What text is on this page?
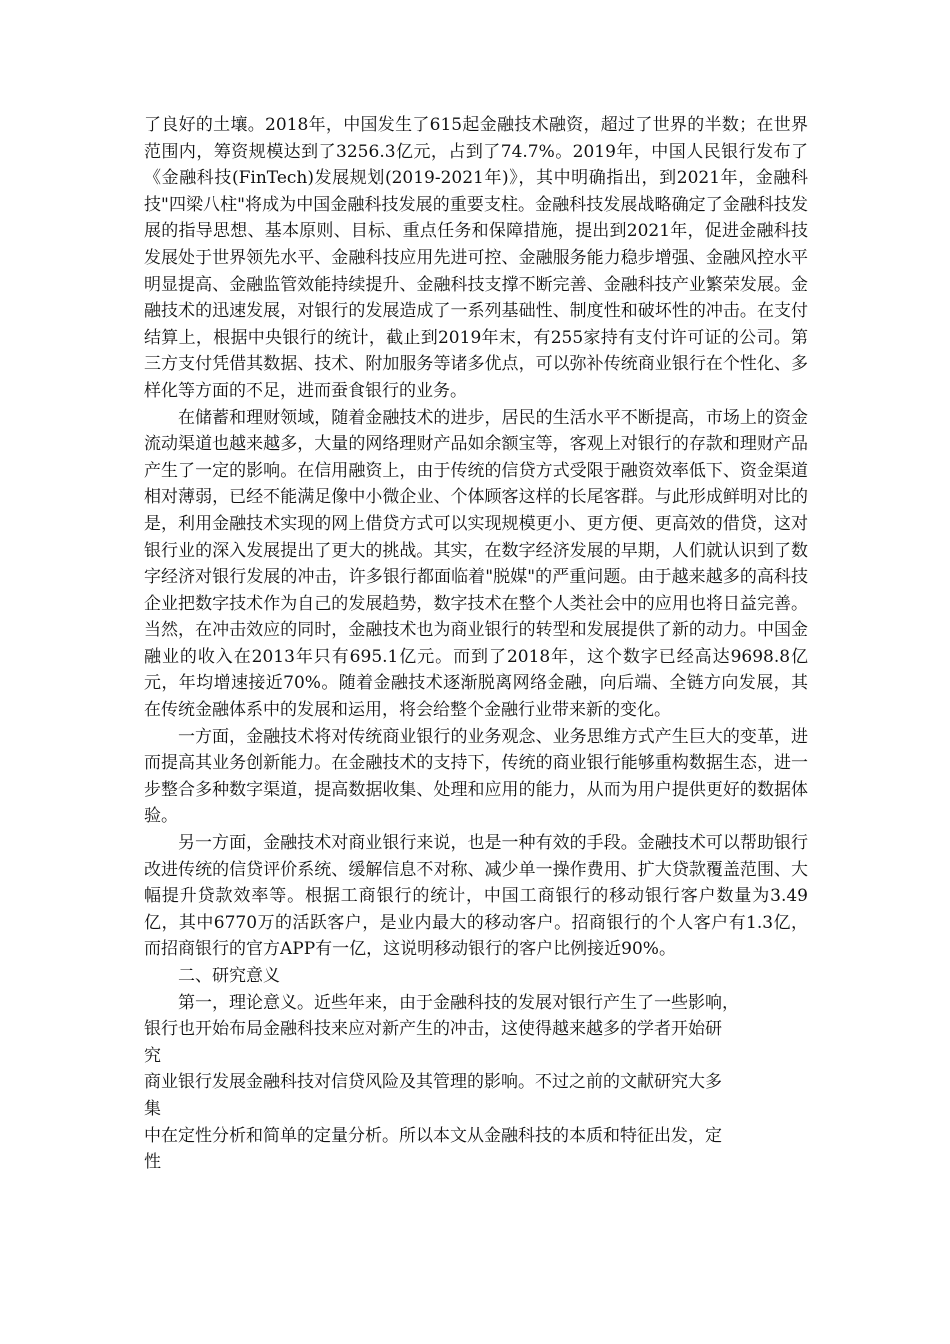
了良好的土壤。2018年，中国发生了615起金融技术融资，超过了世界的半数；在世界范围内，筹资规模达到了3256.3亿元，占到了74.7%。2019年，中国人民银行发布了《金融科技(FinTech)发展规划(2019-2021年)》，其中明确指出，到2021年，金融科技"四梁八柱"将成为中国金融科技发展的重要支柱。金融科技发展战略确定了金融科技发展的指导思想、基本原则、目标、重点任务和保障措施，提出到2021年，促进金融科技发展处于世界领先水平、金融科技应用先进可控、金融服务能力稳步增强、金融风控水平明显提高、金融监管效能持续提升、金融科技支撑不断完善、金融科技产业繁荣发展。金融技术的迅速发展，对银行的发展造成了一系列基础性、制度性和破坏性的冲击。在支付结算上，根据中央银行的统计，截止到2019年末，有255家持有支付许可证的公司。第三方支付凭借其数据、技术、附加服务等诸多优点，可以弥补传统商业银行在个性化、多样化等方面的不足，进而蚕食银行的业务。

在储蓄和理财领域，随着金融技术的进步，居民的生活水平不断提高，市场上的资金流动渠道也越来越多，大量的网络理财产品如余额宝等，客观上对银行的存款和理财产品产生了一定的影响。在信用融资上，由于传统的信贷方式受限于融资效率低下、资金渠道相对薄弱，已经不能满足像中小微企业、个体顾客这样的长尾客群。与此形成鲜明对比的是，利用金融技术实现的网上借贷方式可以实现规模更小、更方便、更高效的借贷，这对银行业的深入发展提出了更大的挑战。其实，在数字经济发展的早期，人们就认识到了数字经济对银行发展的冲击，许多银行都面临着"脱媒"的严重问题。由于越来越多的高科技企业把数字技术作为自己的发展趋势，数字技术在整个人类社会中的应用也将日益完善。当然，在冲击效应的同时，金融技术也为商业银行的转型和发展提供了新的动力。中国金融业的收入在2013年只有695.1亿元。而到了2018年，这个数字已经高达9698.8亿元，年均增速接近70%。随着金融技术逐渐脱离网络金融，向后端、全链方向发展，其在传统金融体系中的发展和运用，将会给整个金融行业带来新的变化。

一方面，金融技术将对传统商业银行的业务观念、业务思维方式产生巨大的变革，进而提高其业务创新能力。在金融技术的支持下，传统的商业银行能够重构数据生态，进一步整合多种数字渠道，提高数据收集、处理和应用的能力，从而为用户提供更好的数据体验。

另一方面，金融技术对商业银行来说，也是一种有效的手段。金融技术可以帮助银行改进传统的信贷评价系统、缓解信息不对称、减少单一操作费用、扩大贷款覆盖范围、大幅提升贷款效率等。根据工商银行的统计，中国工商银行的移动银行客户数量为3.49亿，其中6770万的活跃客户，是业内最大的移动客户。招商银行的个人客户有1.3亿，而招商银行的官方APP有一亿，这说明移动银行的客户比例接近90%。

二、研究意义

第一，理论意义。近些年来，由于金融科技的发展对银行产生了一些影响，
银行也开始布局金融科技来应对新产生的冲击，这使得越来越多的学者开始研
究
商业银行发展金融科技对信贷风险及其管理的影响。不过之前的文献研究大多
集
中在定性分析和简单的定量分析。所以本文从金融科技的本质和特征出发，定
性
